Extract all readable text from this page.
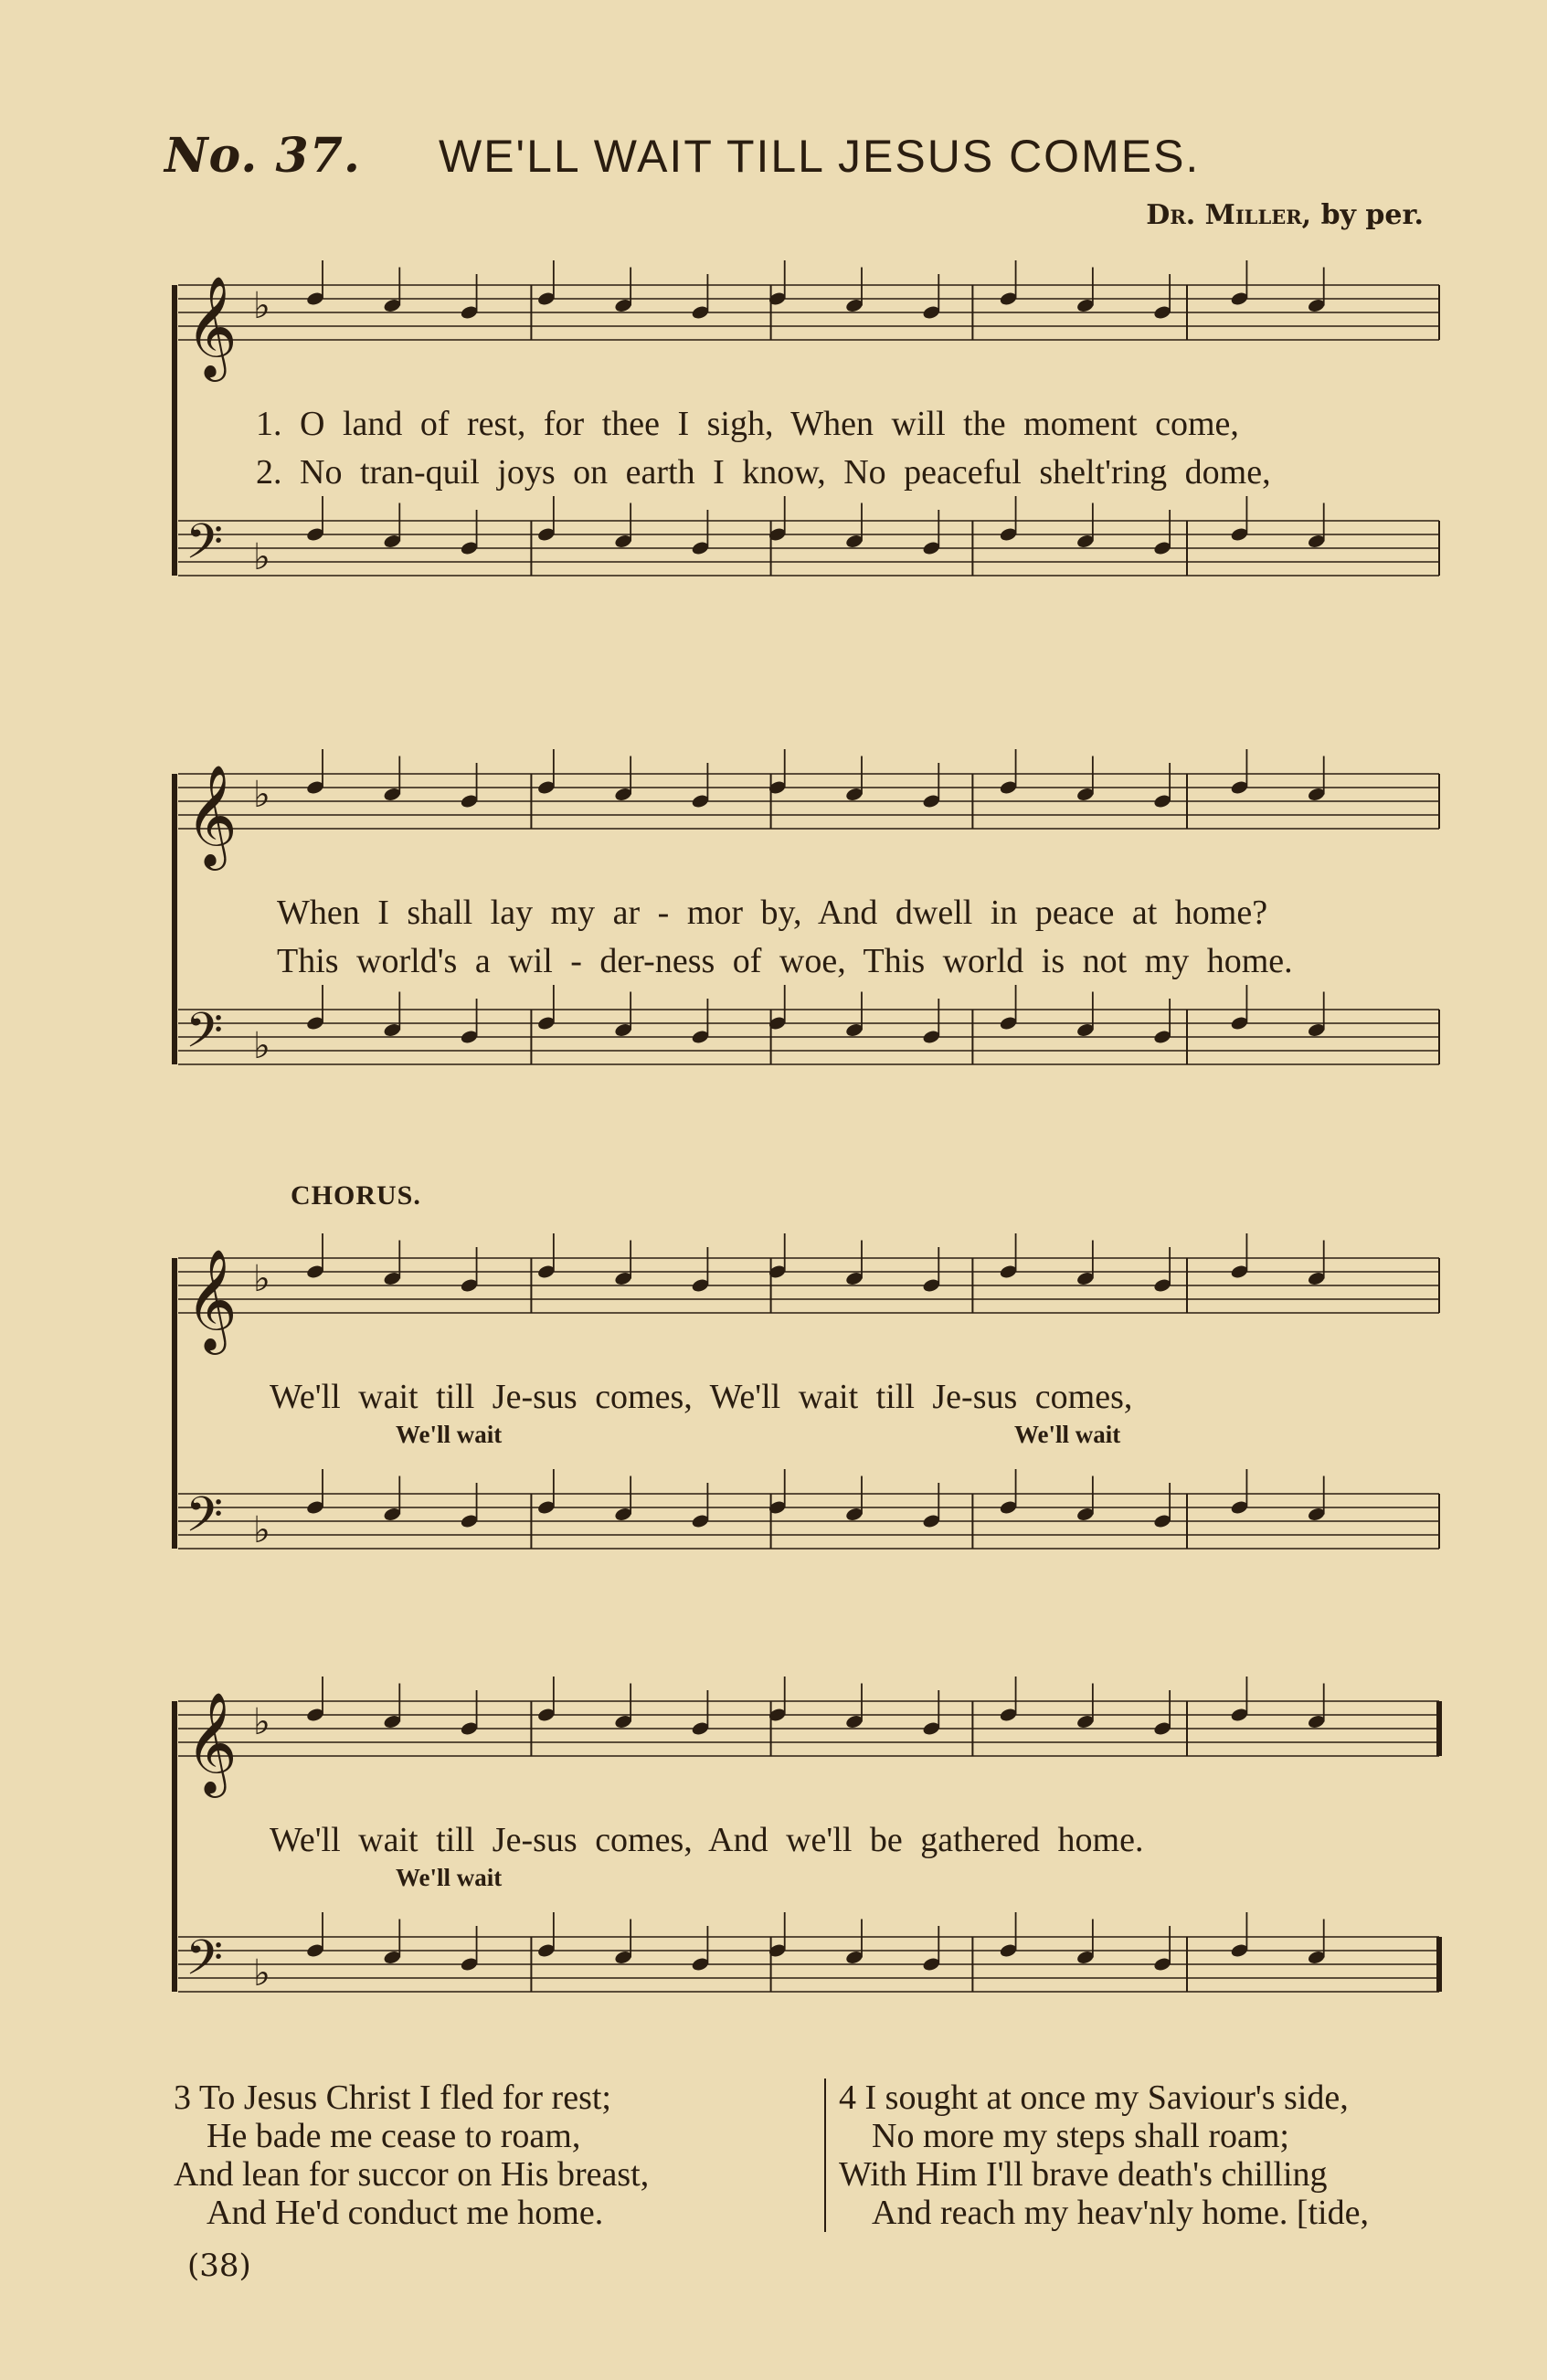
No. 37. WE'LL WAIT TILL JESUS COMES.
Dr. Miller, by per.
𝄞 ♭
𝄢 ♭
1. O land of rest, for thee I sigh, When will the moment come,
2. No tran-quil joys on earth I know, No peaceful shelt'ring dome,
𝄞 ♭
𝄢 ♭
When I shall lay my ar - mor by, And dwell in peace at home?
This world's a wil - der-ness of woe, This world is not my home.
CHORUS.
𝄞 ♭
𝄢 ♭
We'll wait till Je-sus comes, We'll wait till Je-sus comes,
We'll wait	We'll wait
𝄞 ♭
𝄢 ♭
We'll wait till Je-sus comes, And we'll be gathered home.
We'll wait
3 To Jesus Christ I fled for rest;
He bade me cease to roam,
And lean for succor on His breast,
And He'd conduct me home.
4 I sought at once my Saviour's side,
No more my steps shall roam;
With Him I'll brave death's chilling
And reach my heav'nly home. [tide,
(38)
